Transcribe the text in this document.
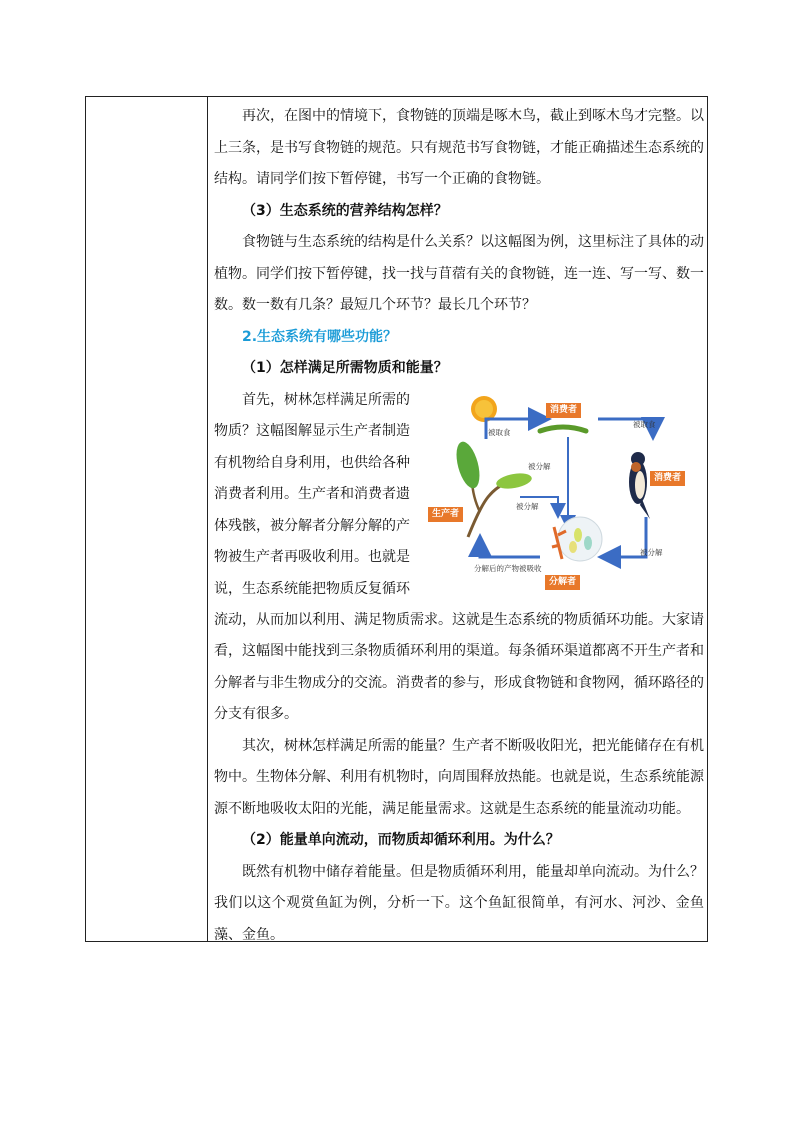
再次，在图中的情境下，食物链的顶端是啄木鸟，截止到啄木鸟才完整。以上三条，是书写食物链的规范。只有规范书写食物链，才能正确描述生态系统的结构。请同学们按下暂停键，书写一个正确的食物链。

（3）生态系统的营养结构怎样？

食物链与生态系统的结构是什么关系？以这幅图为例，这里标注了具体的动植物。同学们按下暂停键，找一找与苜蓿有关的食物链，连一连、写一写、数一数。数一数有几条？最短几个环节？最长几个环节？

2.生态系统有哪些功能？

（1）怎样满足所需物质和能量？

首先，树林怎样满足所需的

物质？这幅图解显示生产者制造

有机物给自身利用，也供给各种

消费者利用。生产者和消费者遗

体残骸，被分解者分解分解的产

物被生产者再吸收利用。也就是

说，生态系统能把物质反复循环

消费者
消费者
生产者
分解者
被取食
被取食
被分解
被分解
被分解
分解后的产物被吸收

流动，从而加以利用、满足物质需求。这就是生态系统的物质循环功能。大家请看，这幅图中能找到三条物质循环利用的渠道。每条循环渠道都离不开生产者和分解者与非生物成分的交流。消费者的参与，形成食物链和食物网，循环路径的分支有很多。

其次，树林怎样满足所需的能量？生产者不断吸收阳光，把光能储存在有机物中。生物体分解、利用有机物时，向周围释放热能。也就是说，生态系统能源源不断地吸收太阳的光能，满足能量需求。这就是生态系统的能量流动功能。

（2）能量单向流动，而物质却循环利用。为什么？

既然有机物中储存着能量。但是物质循环利用，能量却单向流动。为什么？我们以这个观赏鱼缸为例，分析一下。这个鱼缸很简单，有河水、河沙、金鱼藻、金鱼。
